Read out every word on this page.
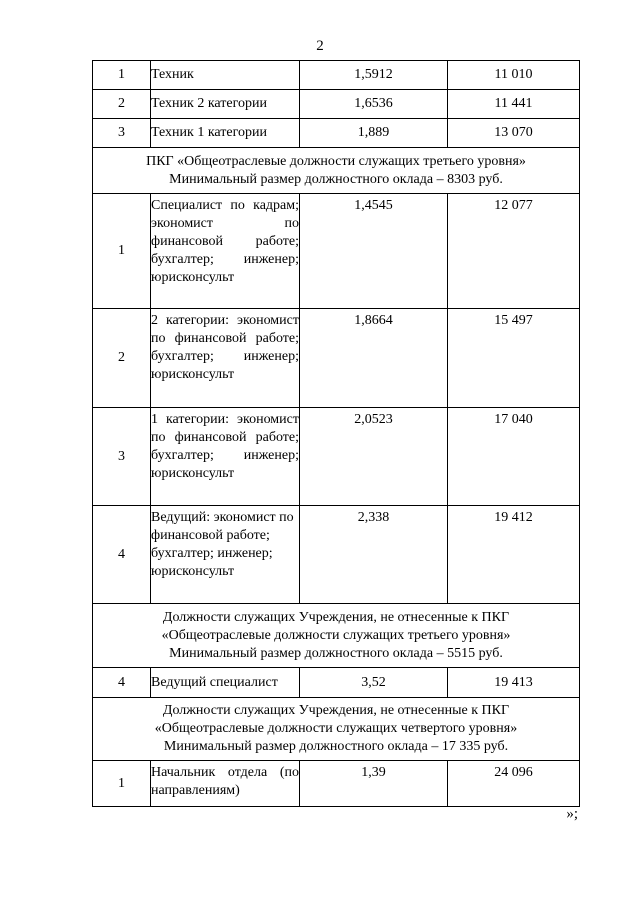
2
1	Техник	1,5912	11 010
2	Техник 2 категории	1,6536	11 441
3	Техник 1 категории	1,889	13 070

ПКГ «Общеотраслевые должности служащих третьего уровня»
Минимальный размер должностного оклада – 8303 руб.			

1	Специалист по кадрам; экономист по финансовой работе; бухгалтер; инженер; юрисконсульт	1,4545	12 077
2	2 категории: экономист по финансовой работе; бухгалтер; инженер; юрисконсульт	1,8664	15 497
3	1 категории: экономист по финансовой работе; бухгалтер; инженер; юрисконсульт	2,0523	17 040
4	Ведущий: экономист по финансовой работе; бухгалтер; инженер; юрисконсульт	2,338	19 412

Должности служащих Учреждения, не отнесенные к ПКГ
«Общеотраслевые должности служащих третьего уровня»
Минимальный размер должностного оклада – 5515 руб.			

4	Ведущий специалист	3,52	19 413

Должности служащих Учреждения, не отнесенные к ПКГ
«Общеотраслевые должности служащих четвертого уровня»
Минимальный размер должностного оклада – 17 335 руб.			

1	Начальник отдела (по направлениям)	1,39	24 096
»;
